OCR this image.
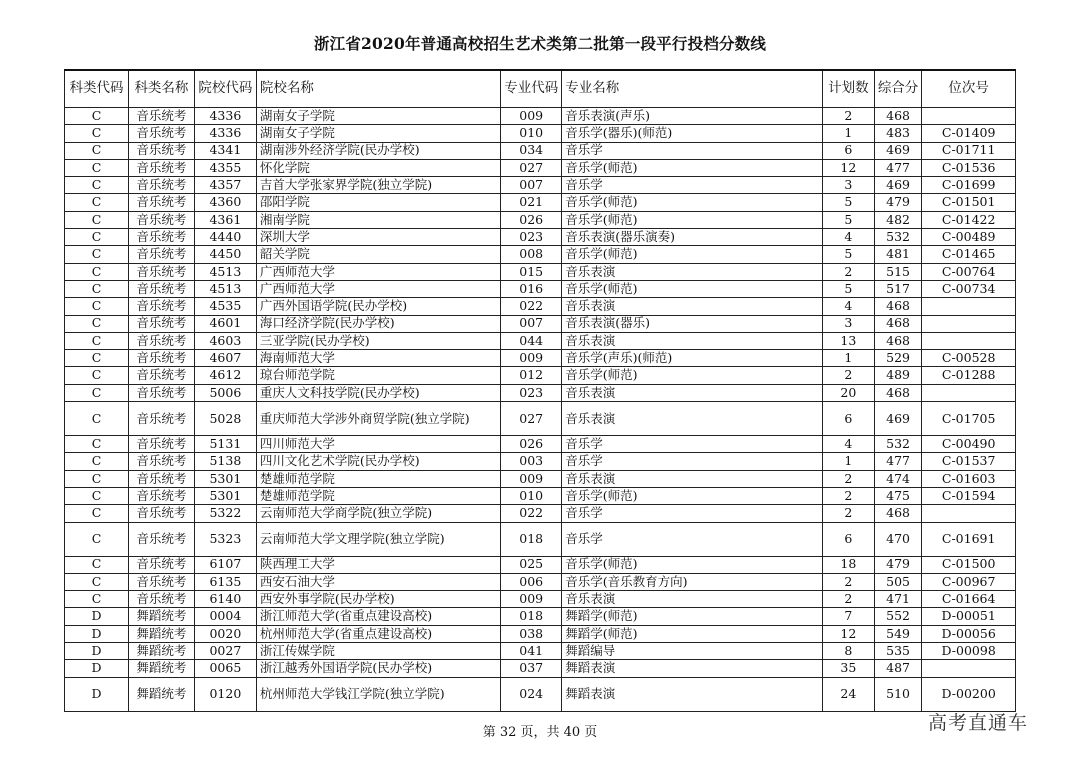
浙江省2020年普通高校招生艺术类第二批第一段平行投档分数线
科类代码	科类名称	院校代码	院校名称	专业代码	专业名称	计划数	综合分	位次号
C	音乐统考	4336	湖南女子学院	009	音乐表演(声乐)	2	468	
C	音乐统考	4336	湖南女子学院	010	音乐学(器乐)(师范)	1	483	C-01409
C	音乐统考	4341	湖南涉外经济学院(民办学校)	034	音乐学	6	469	C-01711
C	音乐统考	4355	怀化学院	027	音乐学(师范)	12	477	C-01536
C	音乐统考	4357	吉首大学张家界学院(独立学院)	007	音乐学	3	469	C-01699
C	音乐统考	4360	邵阳学院	021	音乐学(师范)	5	479	C-01501
C	音乐统考	4361	湘南学院	026	音乐学(师范)	5	482	C-01422
C	音乐统考	4440	深圳大学	023	音乐表演(器乐演奏)	4	532	C-00489
C	音乐统考	4450	韶关学院	008	音乐学(师范)	5	481	C-01465
C	音乐统考	4513	广西师范大学	015	音乐表演	2	515	C-00764
C	音乐统考	4513	广西师范大学	016	音乐学(师范)	5	517	C-00734
C	音乐统考	4535	广西外国语学院(民办学校)	022	音乐表演	4	468	
C	音乐统考	4601	海口经济学院(民办学校)	007	音乐表演(器乐)	3	468	
C	音乐统考	4603	三亚学院(民办学校)	044	音乐表演	13	468	
C	音乐统考	4607	海南师范大学	009	音乐学(声乐)(师范)	1	529	C-00528
C	音乐统考	4612	琼台师范学院	012	音乐学(师范)	2	489	C-01288
C	音乐统考	5006	重庆人文科技学院(民办学校)	023	音乐表演	20	468	
C	音乐统考	5028	重庆师范大学涉外商贸学院(独立学院)	027	音乐表演	6	469	C-01705
C	音乐统考	5131	四川师范大学	026	音乐学	4	532	C-00490
C	音乐统考	5138	四川文化艺术学院(民办学校)	003	音乐学	1	477	C-01537
C	音乐统考	5301	楚雄师范学院	009	音乐表演	2	474	C-01603
C	音乐统考	5301	楚雄师范学院	010	音乐学(师范)	2	475	C-01594
C	音乐统考	5322	云南师范大学商学院(独立学院)	022	音乐学	2	468	
C	音乐统考	5323	云南师范大学文理学院(独立学院)	018	音乐学	6	470	C-01691
C	音乐统考	6107	陕西理工大学	025	音乐学(师范)	18	479	C-01500
C	音乐统考	6135	西安石油大学	006	音乐学(音乐教育方向)	2	505	C-00967
C	音乐统考	6140	西安外事学院(民办学校)	009	音乐表演	2	471	C-01664
D	舞蹈统考	0004	浙江师范大学(省重点建设高校)	018	舞蹈学(师范)	7	552	D-00051
D	舞蹈统考	0020	杭州师范大学(省重点建设高校)	038	舞蹈学(师范)	12	549	D-00056
D	舞蹈统考	0027	浙江传媒学院	041	舞蹈编导	8	535	D-00098
D	舞蹈统考	0065	浙江越秀外国语学院(民办学校)	037	舞蹈表演	35	487	
D	舞蹈统考	0120	杭州师范大学钱江学院(独立学院)	024	舞蹈表演	24	510	D-00200
第 32 页，共 40 页	高考直通车
